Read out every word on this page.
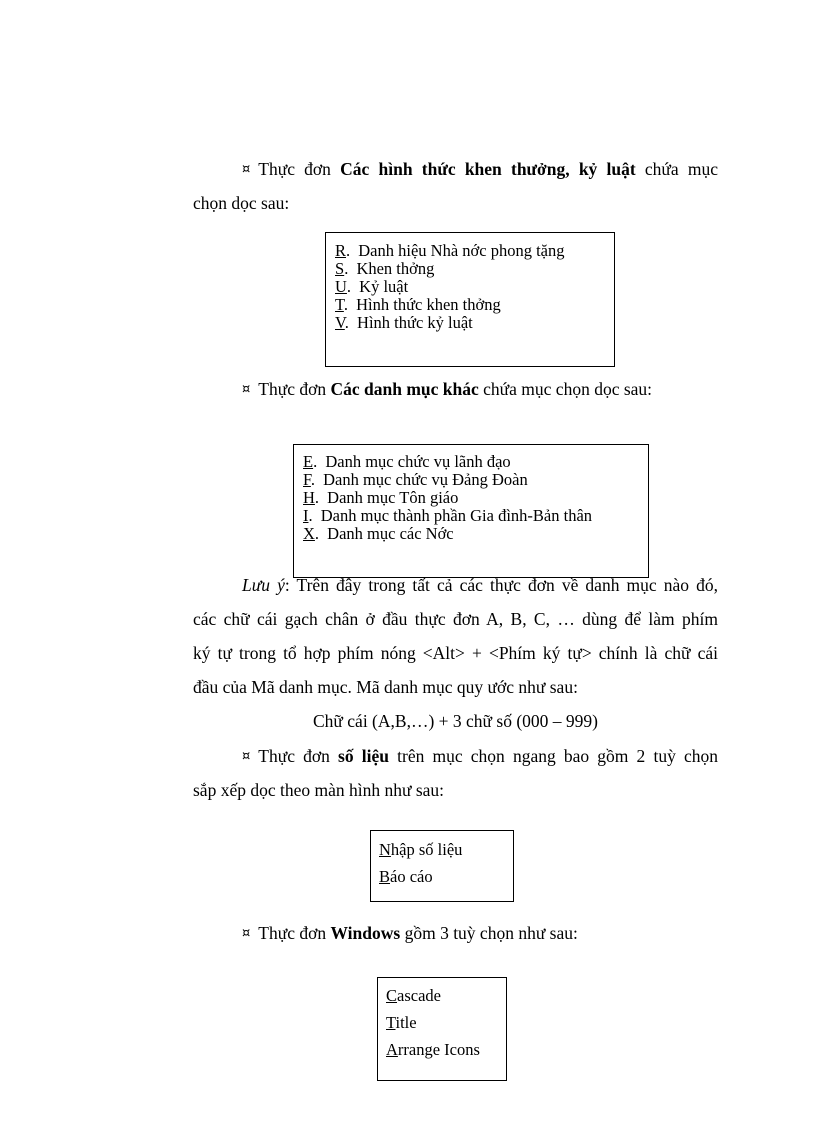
¤ Thực đơn Các hình thức khen thưởng, kỷ luật chứa mục
chọn dọc sau:
R. Danh hiệu Nhà nớc phong tặng
S. Khen thởng
U. Kỷ luật
T. Hình thức khen thởng
V. Hình thức kỷ luật
¤ Thực đơn Các danh mục khác chứa mục chọn dọc sau:
E. Danh mục chức vụ lãnh đạo
F. Danh mục chức vụ Đảng Đoàn
H. Danh mục Tôn giáo
I. Danh mục thành phần Gia đình-Bản thân
X. Danh mục các Nớc
Lưu ý: Trên đây trong tất cả các thực đơn về danh mục nào đó,
các chữ cái gạch chân ở đầu thực đơn A, B, C, … dùng để làm phím
ký tự trong tổ hợp phím nóng <Alt> + <Phím ký tự> chính là chữ cái
đầu của Mã danh mục. Mã danh mục quy ước như sau:
Chữ cái (A,B,…) + 3 chữ số (000 – 999)
¤ Thực đơn số liệu trên mục chọn ngang bao gồm 2 tuỳ chọn
sắp xếp dọc theo màn hình như sau:
Nhập số liệu
Báo cáo
¤ Thực đơn Windows gồm 3 tuỳ chọn như sau:
Cascade
Title
Arrange Icons
